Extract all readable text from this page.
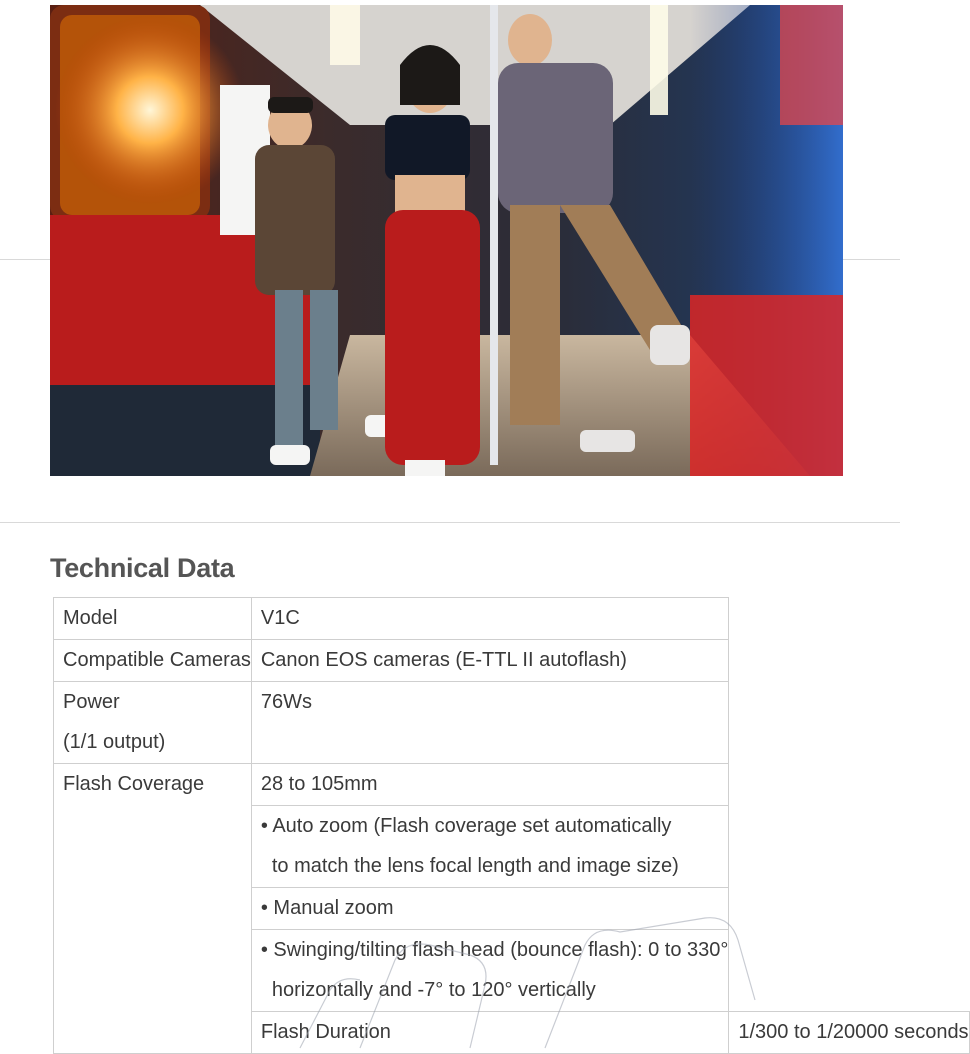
Technical Data
Model	V1C	

Compatible Cameras	Canon EOS cameras (E-TTL II autoflash)	

Power
(1/1 output)	76Ws	

Flash Coverage	28 to 105mm	

	• Auto zoom (Flash coverage set automatically
to match the lens focal length and image size)	

	• Manual zoom	

	• Swinging/tilting flash head (bounce flash): 0 to 330°
horizontally and -7° to 120° vertically	

	Flash Duration	1/300 to 1/20000 seconds
